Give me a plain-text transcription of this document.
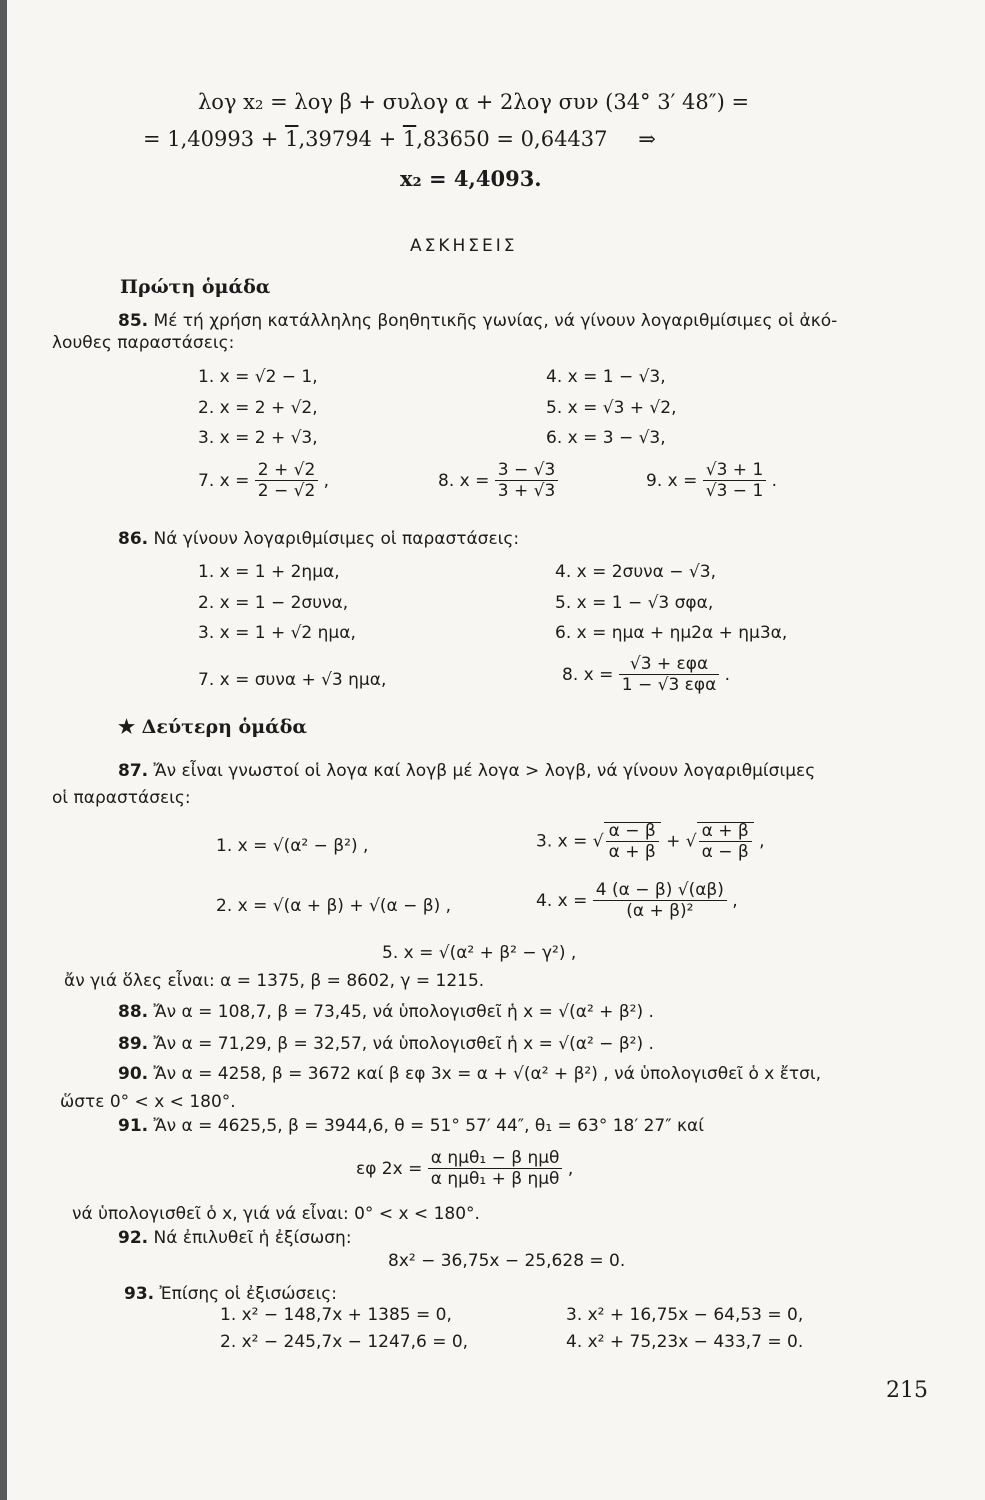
λογ x₂ = λογ β + συλογ α + 2λογ συν (34° 3′ 48″) =
= 1,40993 + 1,39794 + 1,83650 = 0,64437 ⇒
x₂ = 4,4093.
ΑΣΚΗΣΕΙΣ
Πρώτη ὁμάδα
85. Μέ τή χρήση κατάλληλης βοηθητικῆς γωνίας, νά γίνουν λογαριθμίσιμες οἱ ἀκό-
λουθες παραστάσεις:
1. x = √2 − 1,
2. x = 2 + √2,
3. x = 2 + √3,
4. x = 1 − √3,
5. x = √3 + √2,
6. x = 3 − √3,
7. $x = \frac{2 + √2}{2 - √2}$ ,	8. $x = \frac{3 - √3}{3 + √3}$	9. $x = \frac{√3 + 1}{√3 - 1}$ .
86. Νά γίνουν λογαριθμίσιμες οἱ παραστάσεις:
1. x = 1 + 2ημα,
2. x = 1 − 2συνα,
3. x = 1 + √2 ημα,
4. x = 2συνα − √3,
5. x = 1 − √3 σφα,
6. x = ημα + ημ2α + ημ3α,
7. x = συνα + √3 ημα,	8. $x = \frac{\text{√3 + εφα}}{\text{1 − √3 εφα}}$ .
★ Δεύτερη ὁμάδα
87. Ἄν εἶναι γνωστοί οἱ λογα καί λογβ μέ λογα > λογβ, νά γίνουν λογαριθμίσιμες
οἱ παραστάσεις:
1. x = √(α² − β²) ,
2. x = √(α + β) + √(α − β) ,
3. x = √ $\frac{\alpha - \beta}{\alpha + \beta}$ + √ $\frac{\alpha + \beta}{\alpha - \beta}$ ,
4. $x = \frac{4 (\alpha - \beta) √(\alpha\beta)}{\text{(α + β)²}}$ ,
5. x = √(α² + β² − γ²) ,
ἄν γιά ὅλες εἶναι: α = 1375, β = 8602, γ = 1215.
88. Ἄν α = 108,7, β = 73,45, νά ὑπολογισθεῖ ἡ x = √(α² + β²) .
89. Ἄν α = 71,29, β = 32,57, νά ὑπολογισθεῖ ἡ x = √(α² − β²) .
90. Ἄν α = 4258, β = 3672 καί β εφ 3x = α + √(α² + β²) , νά ὑπολογισθεῖ ὁ x ἔτσι,
ὥστε 0° < x < 180°.
91. Ἄν α = 4625,5, β = 3944,6, θ = 51° 57′ 44″, θ₁ = 63° 18′ 27″ καί
εφ $2x = \frac{\text{α ημθ₁ − β ημθ}}{\text{α ημθ₁ + β ημθ}}$ ,
νά ὑπολογισθεῖ ὁ x, γιά νά εἶναι: 0° < x < 180°.
92. Νά ἐπιλυθεῖ ἡ ἐξίσωση:
8x² − 36,75x − 25,628 = 0.
93. Ἐπίσης οἱ ἐξισώσεις:
1. x² − 148,7x + 1385 = 0,
2. x² − 245,7x − 1247,6 = 0,
3. x² + 16,75x − 64,53 = 0,
4. x² + 75,23x − 433,7 = 0.
215
